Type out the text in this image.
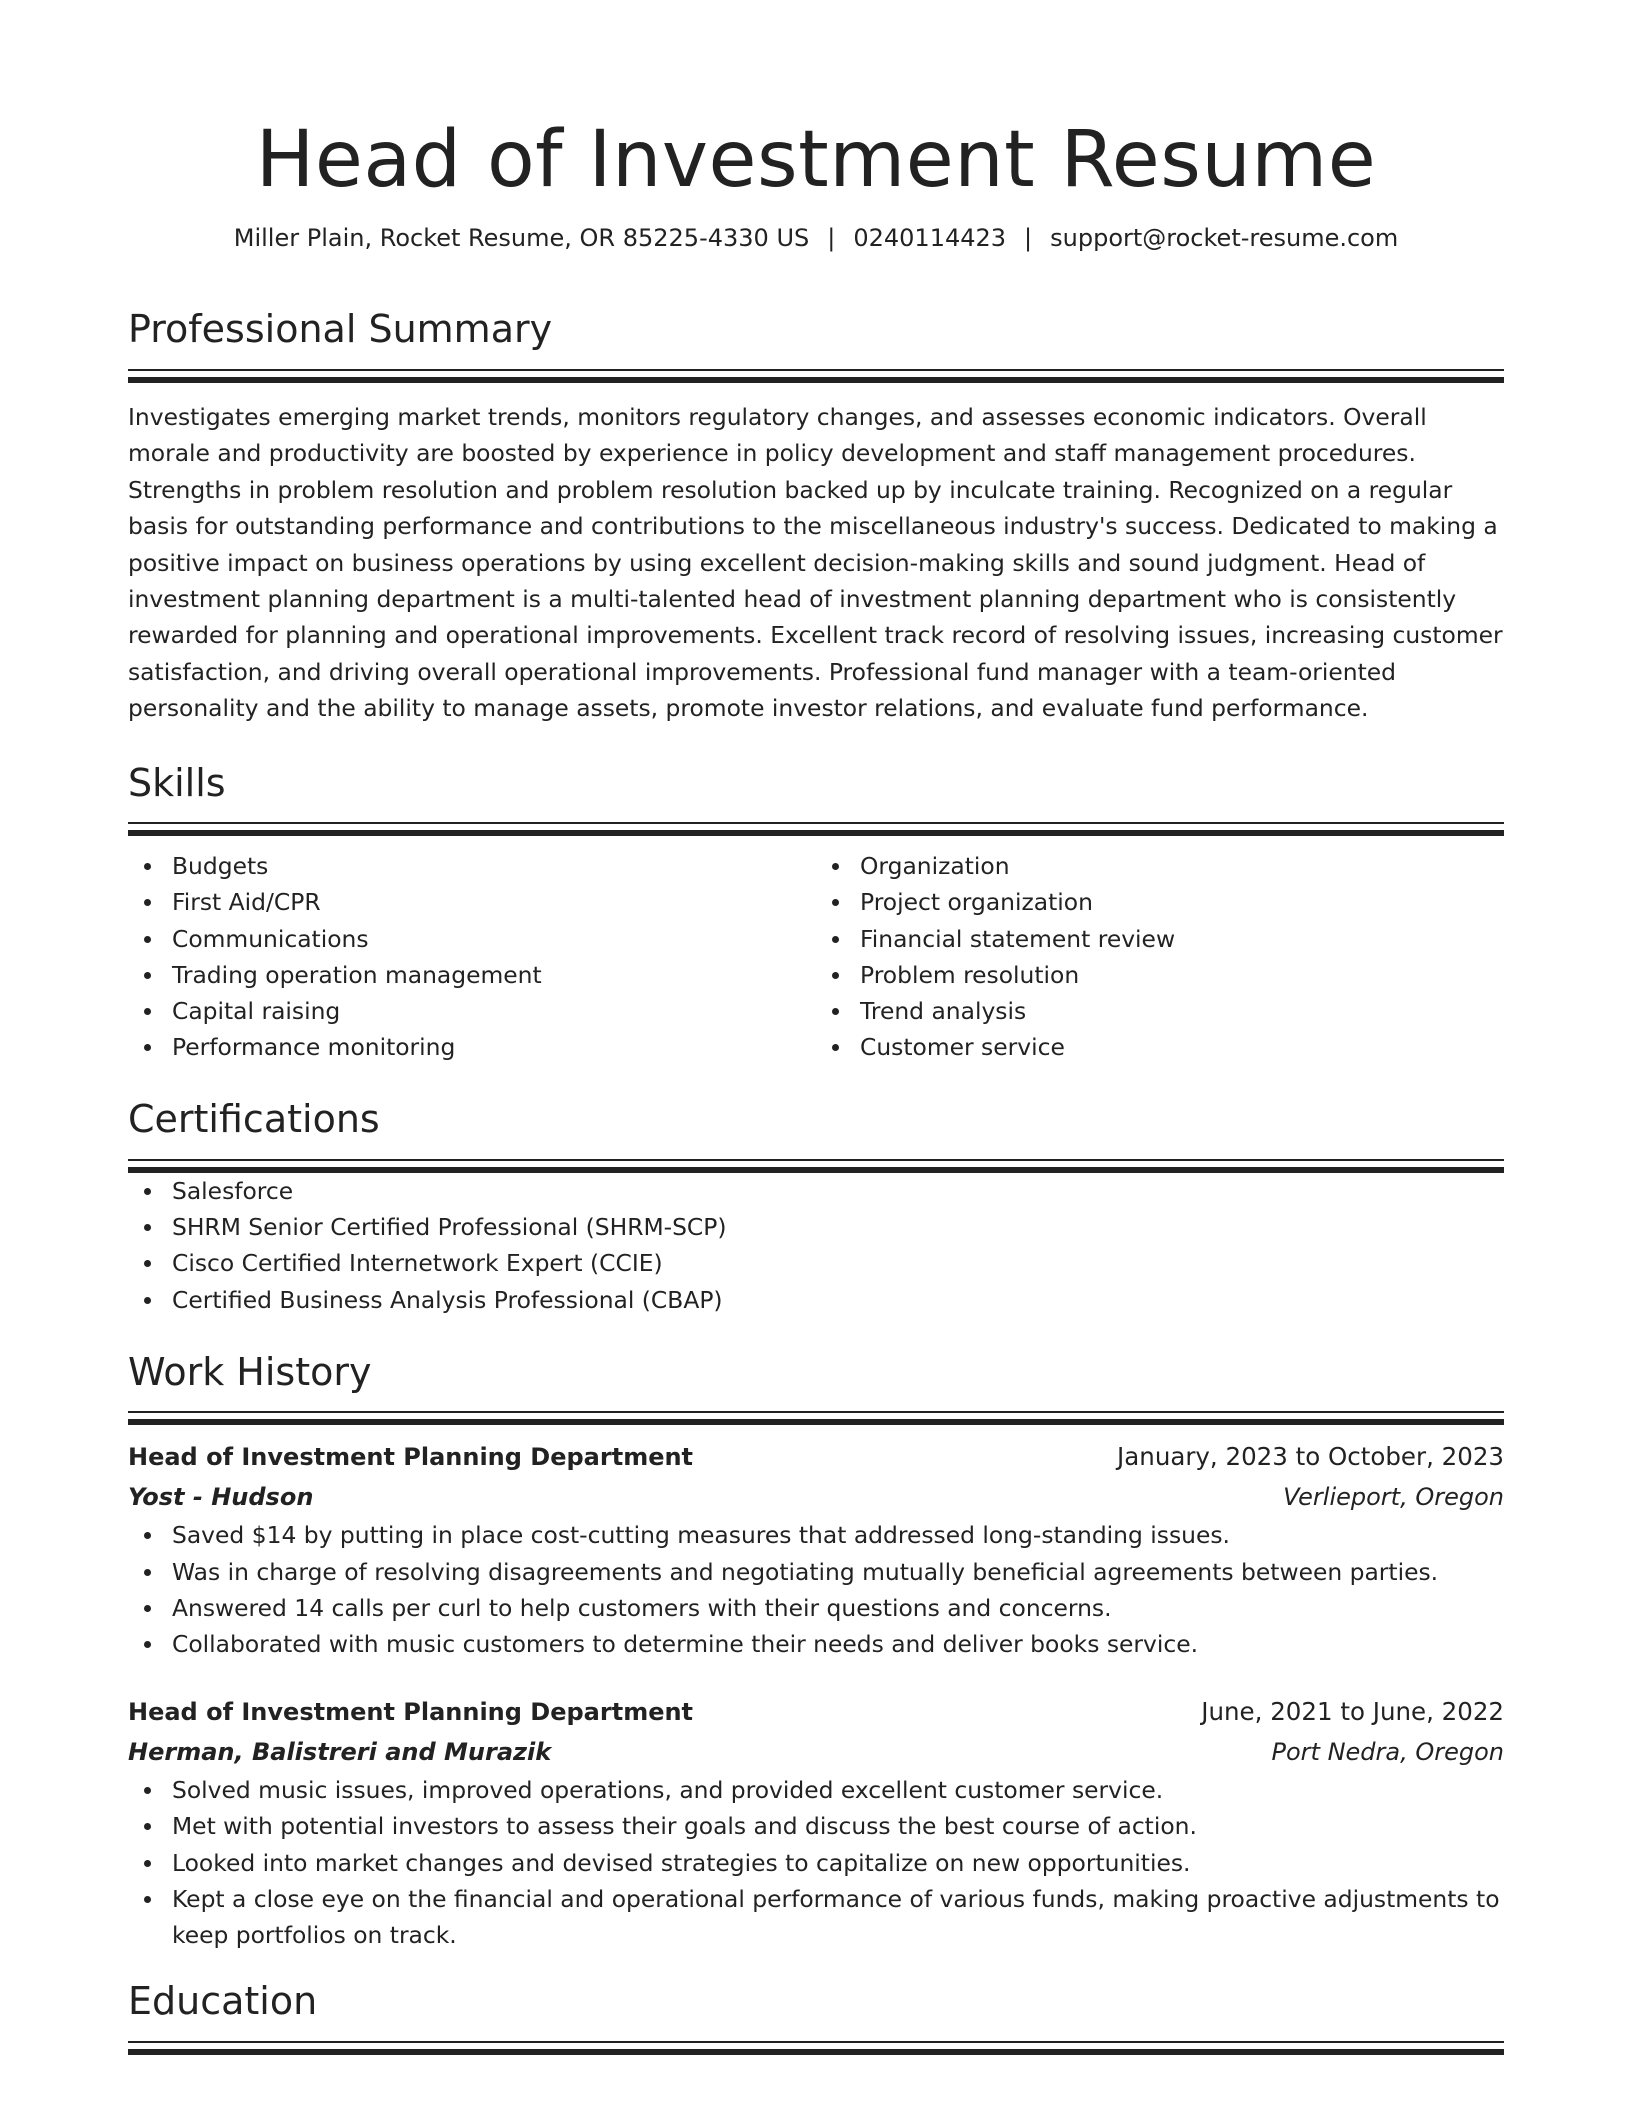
Head of Investment Resume
Miller Plain, Rocket Resume, OR 85225-4330 US | 0240114423 | support@rocket-resume.com
Professional Summary

Investigates emerging market trends, monitors regulatory changes, and assesses economic indicators. Overall morale and productivity are boosted by experience in policy development and staff management procedures. Strengths in problem resolution and problem resolution backed up by inculcate training. Recognized on a regular basis for outstanding performance and contributions to the miscellaneous industry's success. Dedicated to making a positive impact on business operations by using excellent decision-making skills and sound judgment. Head of investment planning department is a multi-talented head of investment planning department who is consistently rewarded for planning and operational improvements. Excellent track record of resolving issues, increasing customer satisfaction, and driving overall operational improvements. Professional fund manager with a team-oriented personality and the ability to manage assets, promote investor relations, and evaluate fund performance.

Skills
Budgets
First Aid/CPR
Communications
Trading operation management
Capital raising
Performance monitoring
Organization
Project organization
Financial statement review
Problem resolution
Trend analysis
Customer service
Certifications
Salesforce
SHRM Senior Certified Professional (SHRM-SCP)
Cisco Certified Internetwork Expert (CCIE)
Certified Business Analysis Professional (CBAP)
Work History
Head of Investment Planning Department	January, 2023 to October, 2023
Yost - Hudson	Verlieport, Oregon
Saved $14 by putting in place cost-cutting measures that addressed long-standing issues.
Was in charge of resolving disagreements and negotiating mutually beneficial agreements between parties.
Answered 14 calls per curl to help customers with their questions and concerns.
Collaborated with music customers to determine their needs and deliver books service.
Head of Investment Planning Department	June, 2021 to June, 2022
Herman, Balistreri and Murazik	Port Nedra, Oregon
Solved music issues, improved operations, and provided excellent customer service.
Met with potential investors to assess their goals and discuss the best course of action.
Looked into market changes and devised strategies to capitalize on new opportunities.
Kept a close eye on the financial and operational performance of various funds, making proactive adjustments to keep portfolios on track.
Education
